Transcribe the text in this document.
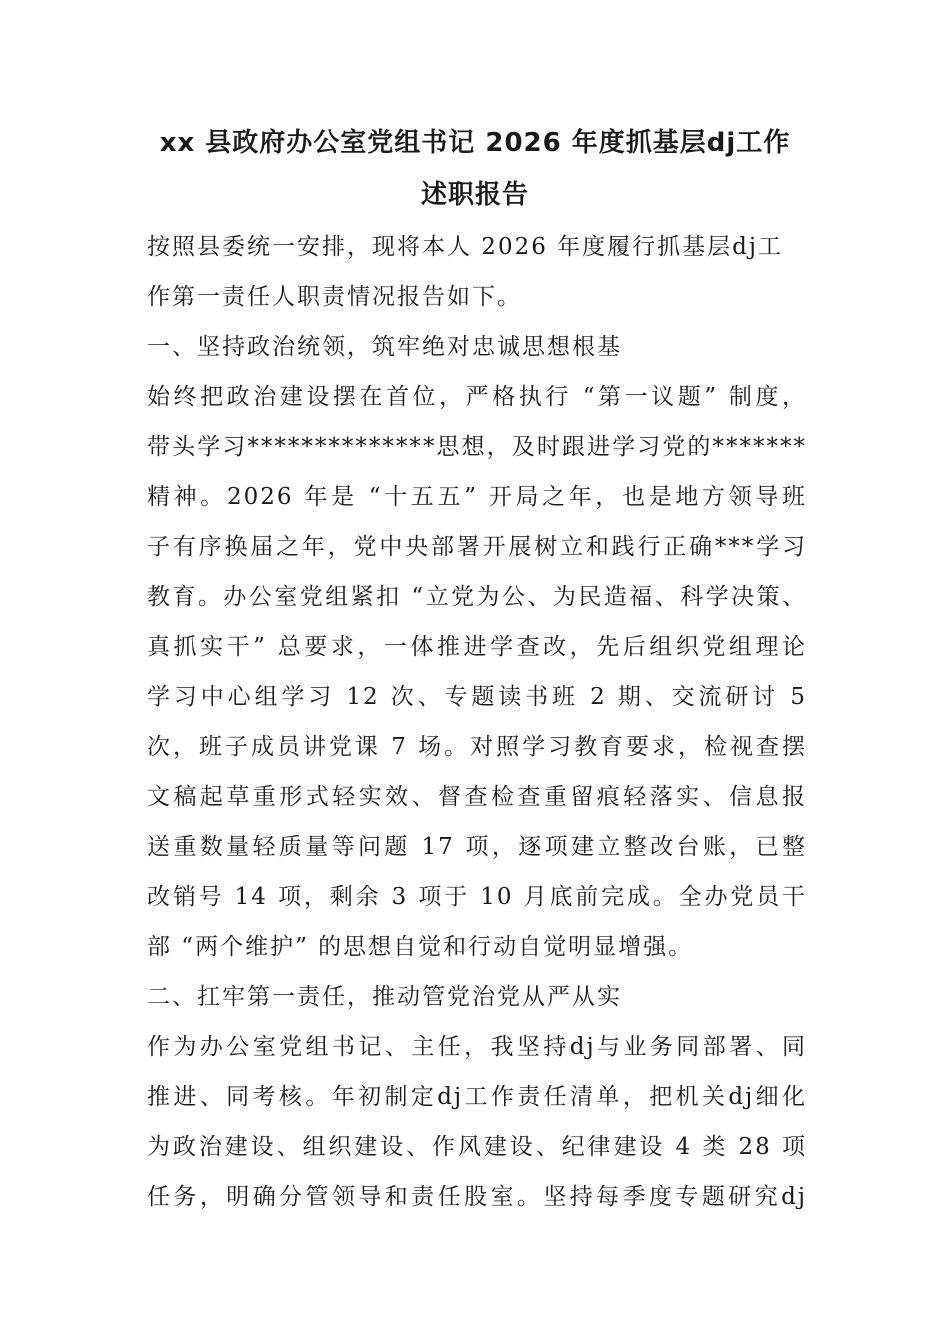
xx 县政府办公室党组书记 2026 年度抓基层dj工作
述职报告

按照县委统一安排，现将本人 2026 年度履行抓基层dj工

作第一责任人职责情况报告如下。

一、坚持政治统领，筑牢绝对忠诚思想根基

始终把政治建设摆在首位，严格执行 “第一议题” 制度，

带头学习**************思想，及时跟进学习党的*******

精神。2026 年是 “十五五” 开局之年，也是地方领导班

子有序换届之年，党中央部署开展树立和践行正确***学习

教育。办公室党组紧扣 “立党为公、为民造福、科学决策、

真抓实干” 总要求，一体推进学查改，先后组织党组理论

学习中心组学习 12 次、专题读书班 2 期、交流研讨 5

次，班子成员讲党课 7 场。对照学习教育要求，检视查摆

文稿起草重形式轻实效、督查检查重留痕轻落实、信息报

送重数量轻质量等问题 17 项，逐项建立整改台账，已整

改销号 14 项，剩余 3 项于 10 月底前完成。全办党员干

部 “两个维护” 的思想自觉和行动自觉明显增强。

二、扛牢第一责任，推动管党治党从严从实

作为办公室党组书记、主任，我坚持dj与业务同部署、同

推进、同考核。年初制定dj工作责任清单，把机关dj细化

为政治建设、组织建设、作风建设、纪律建设 4 类 28 项

任务，明确分管领导和责任股室。坚持每季度专题研究dj
